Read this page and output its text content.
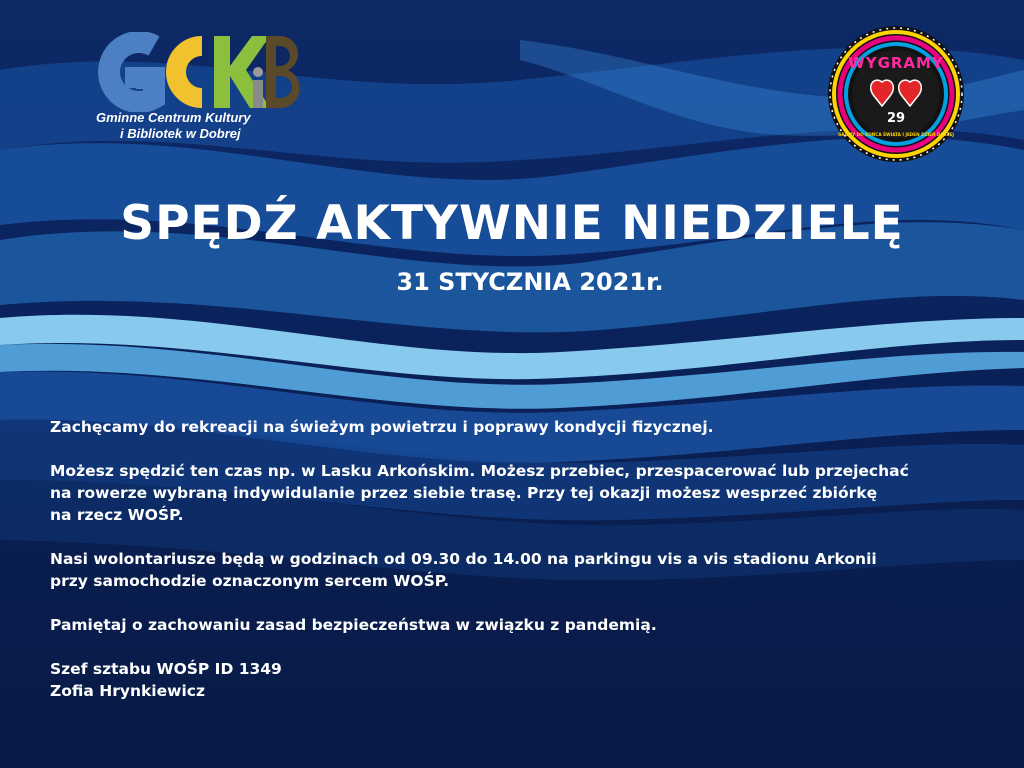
Gminne Centrum Kultury
i Bibliotek w Dobrej
WYGRAMY
29
GRAMY DO KOŃCA ŚWIATA I JEDEN DZIEŃ DŁUŻEJ
SPĘDŹ AKTYWNIE NIEDZIELĘ
31 STYCZNIA 2021r.

Zachęcamy do rekreacji na świeżym powietrzu i poprawy kondycji fizycznej.

Możesz spędzić ten czas np. w Lasku Arkońskim. Możesz przebiec, przespacerować lub przejechać
na rowerze wybraną indywidulanie przez siebie trasę. Przy tej okazji możesz wesprzeć zbiórkę
na rzecz WOŚP.

Nasi wolontariusze będą w godzinach od 09.30 do 14.00 na parkingu vis a vis stadionu Arkonii
przy samochodzie oznaczonym sercem WOŚP.

Pamiętaj o zachowaniu zasad bezpieczeństwa w związku z pandemią.

Szef sztabu WOŚP ID 1349
Zofia Hrynkiewicz
